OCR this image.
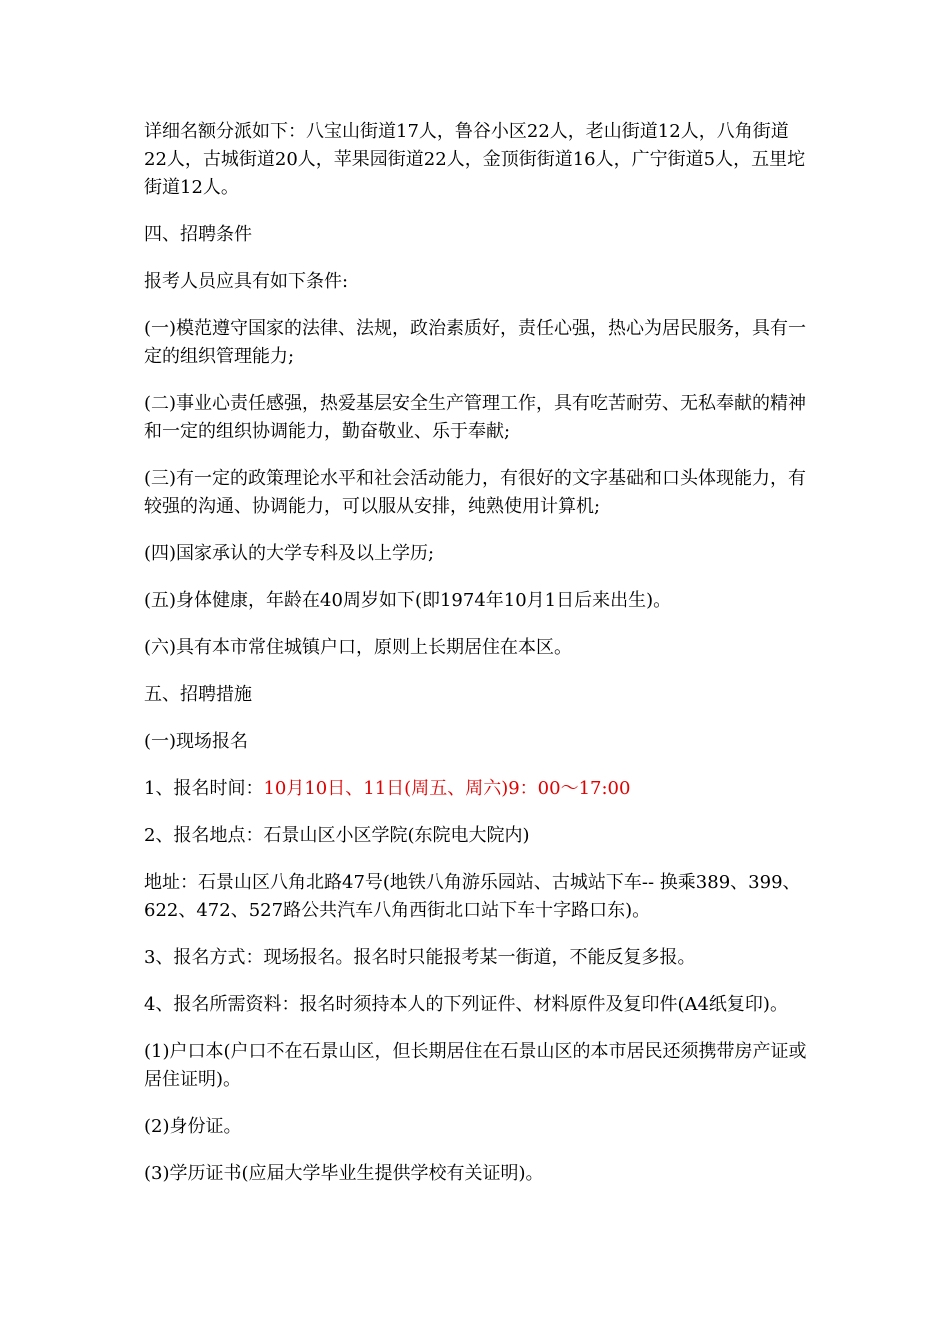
详细名额分派如下：八宝山街道17人，鲁谷小区22人，老山街道12人，八角街道22人，古城街道20人，苹果园街道22人，金顶街街道16人，广宁街道5人，五里坨街道12人。

四、招聘条件

报考人员应具有如下条件:

(一)模范遵守国家的法律、法规，政治素质好，责任心强，热心为居民服务，具有一定的组织管理能力;

(二)事业心责任感强，热爱基层安全生产管理工作，具有吃苦耐劳、无私奉献的精神和一定的组织协调能力，勤奋敬业、乐于奉献;

(三)有一定的政策理论水平和社会活动能力，有很好的文字基础和口头体现能力，有较强的沟通、协调能力，可以服从安排，纯熟使用计算机;

(四)国家承认的大学专科及以上学历;

(五)身体健康，年龄在40周岁如下(即1974年10月1日后来出生)。

(六)具有本市常住城镇户口，原则上长期居住在本区。

五、招聘措施

(一)现场报名

1、报名时间：10月10日、11日(周五、周六)9：00～17:00

2、报名地点：石景山区小区学院(东院电大院内)

地址：石景山区八角北路47号(地铁八角游乐园站、古城站下车-- 换乘389、399、622、472、527路公共汽车八角西街北口站下车十字路口东)。

3、报名方式：现场报名。报名时只能报考某一街道，不能反复多报。

4、报名所需资料：报名时须持本人的下列证件、材料原件及复印件(A4纸复印)。

(1)户口本(户口不在石景山区，但长期居住在石景山区的本市居民还须携带房产证或居住证明)。

(2)身份证。

(3)学历证书(应届大学毕业生提供学校有关证明)。
